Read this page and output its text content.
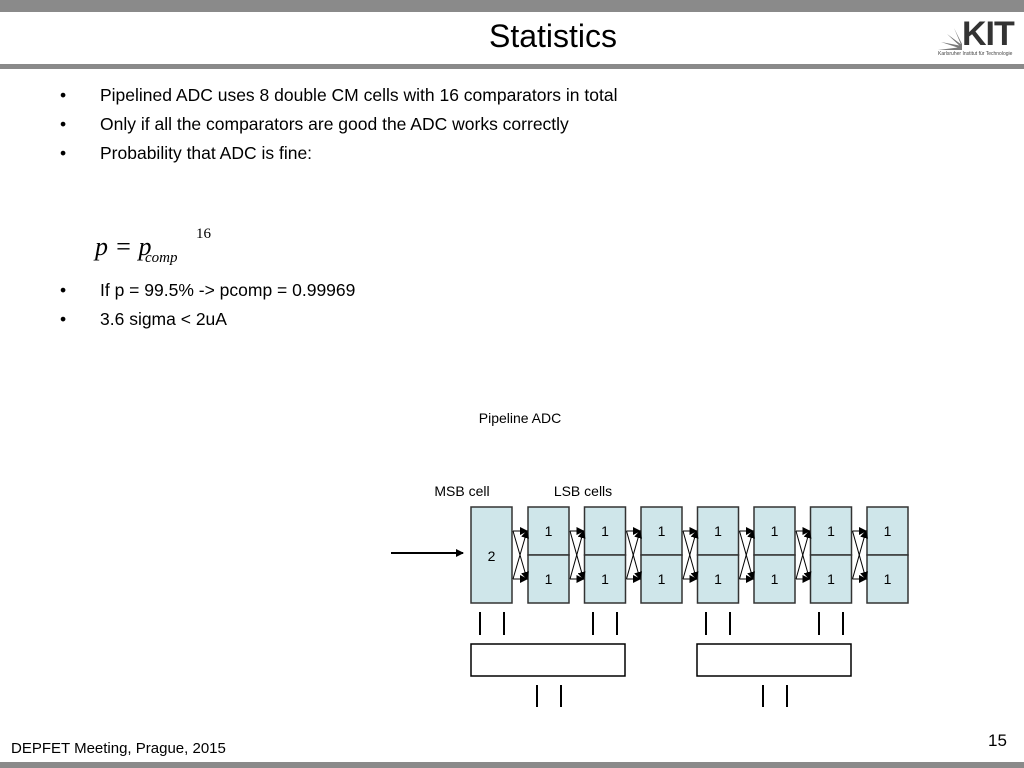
Statistics	KIT
Karlsruher Institut für Technologie
• Pipelined ADC uses 8 double CM cells with 16 comparators in total
• Only if all the comparators are good the ADC works correctly
• Probability that ADC is fine:
p = p
comp
16
• If p = 99.5% -> pcomp = 0.99969
• 3.6 sigma < 2uA
Pipeline ADC
MSB cell	LSB cells
2
1
1
1
1
1
1
1
1
1
1
1
1
1
1
DEPFET Meeting, Prague, 2015	15
